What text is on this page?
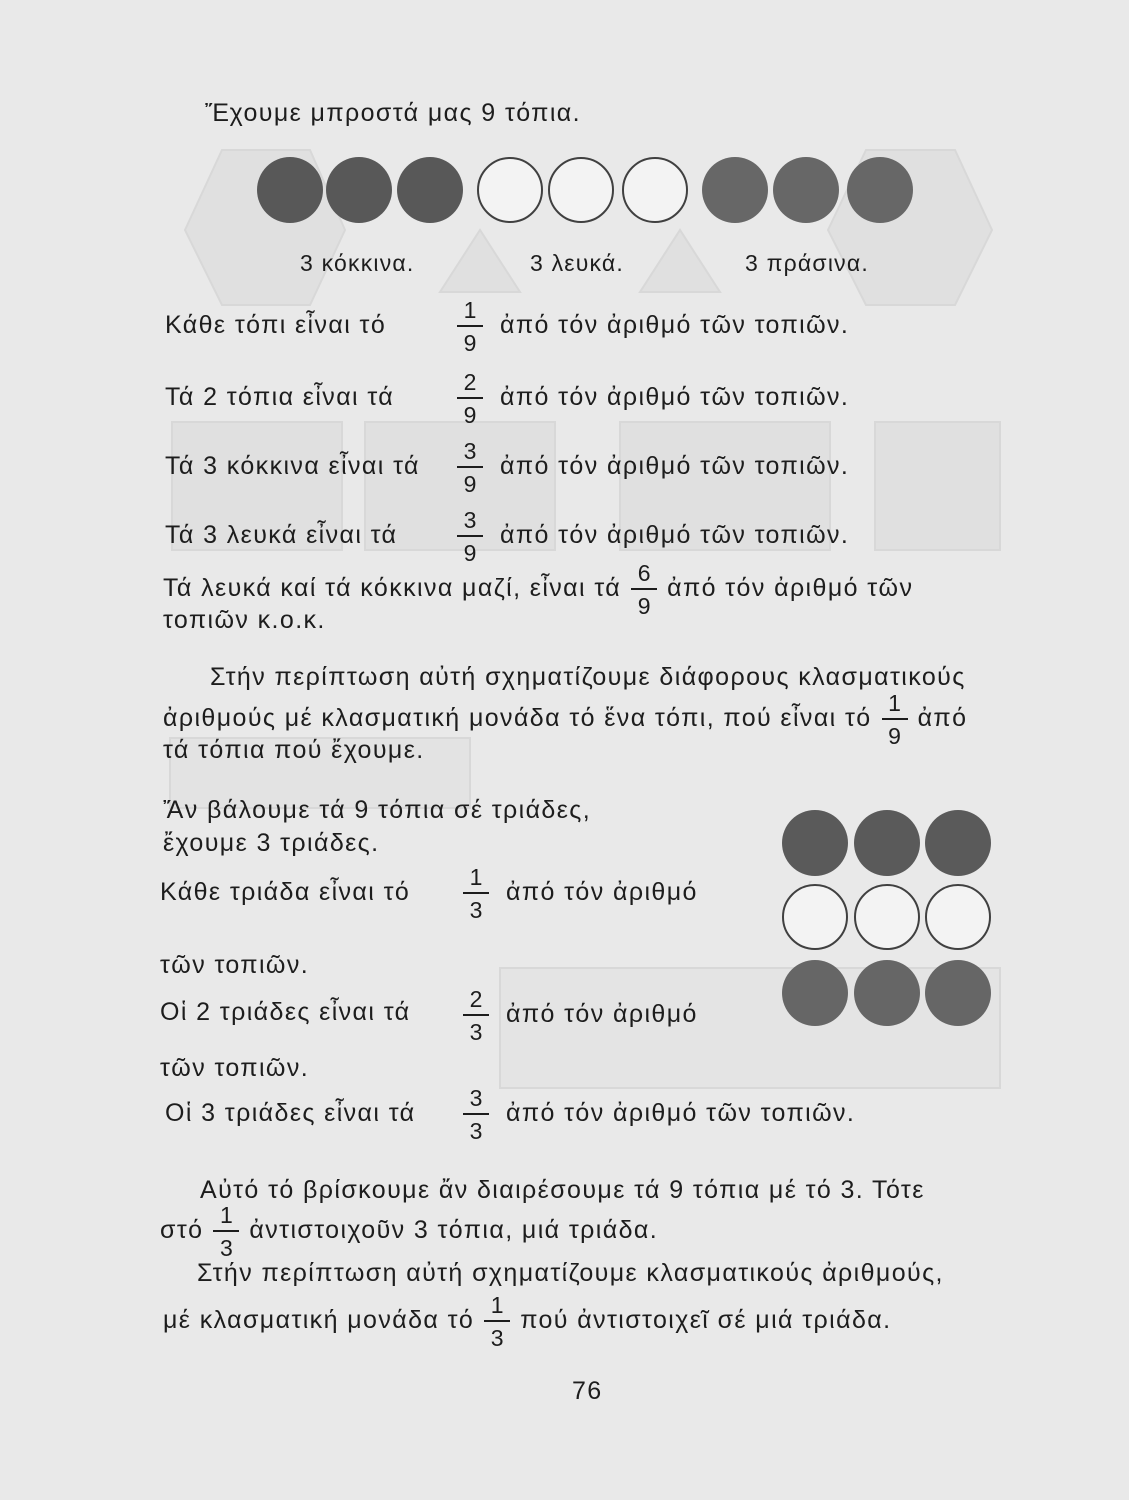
Ἔχουμε μπροστά μας 9 τόπια.
3 κόκκινα.	3 λευκά.	3 πράσινα.
Κάθε τόπι εἶναι τό
1
9
ἀπό τόν ἀριθμό τῶν τοπιῶν.
Τά 2 τόπια εἶναι τά
2
9
ἀπό τόν ἀριθμό τῶν τοπιῶν.
Τά 3 κόκκινα εἶναι τά
3
9
ἀπό τόν ἀριθμό τῶν τοπιῶν.
Τά 3 λευκά εἶναι τά
3
9
ἀπό τόν ἀριθμό τῶν τοπιῶν.
Τά λευκά καί τά κόκκινα μαζί, εἶναι τά
6
9
ἀπό τόν ἀριθμό τῶν
τοπιῶν κ.ο.κ.
Στήν περίπτωση αὐτή σχηματίζουμε διάφορους κλασματικούς
ἀριθμούς μέ κλασματική μονάδα τό ἕνα τόπι, πού εἶναι τό
1
9
ἀπό
τά τόπια πού ἔχουμε.
Ἄν βάλουμε τά 9 τόπια σέ τριάδες,
ἔχουμε 3 τριάδες.
Κάθε τριάδα εἶναι τό
1
3
ἀπό τόν ἀριθμό
τῶν τοπιῶν.
Οἱ 2 τριάδες εἶναι τά	2
3
ἀπό τόν ἀριθμό
τῶν τοπιῶν.
Οἱ 3 τριάδες εἶναι τά
3
3
ἀπό τόν ἀριθμό τῶν τοπιῶν.
Αὐτό τό βρίσκουμε ἄν διαιρέσουμε τά 9 τόπια μέ τό 3. Τότε
στό
1
3
ἀντιστοιχοῦν 3 τόπια, μιά τριάδα.
Στήν περίπτωση αὐτή σχηματίζουμε κλασματικούς ἀριθμούς,
μέ κλασματική μονάδα τό
1
3
πού ἀντιστοιχεῖ σέ μιά τριάδα.
76
